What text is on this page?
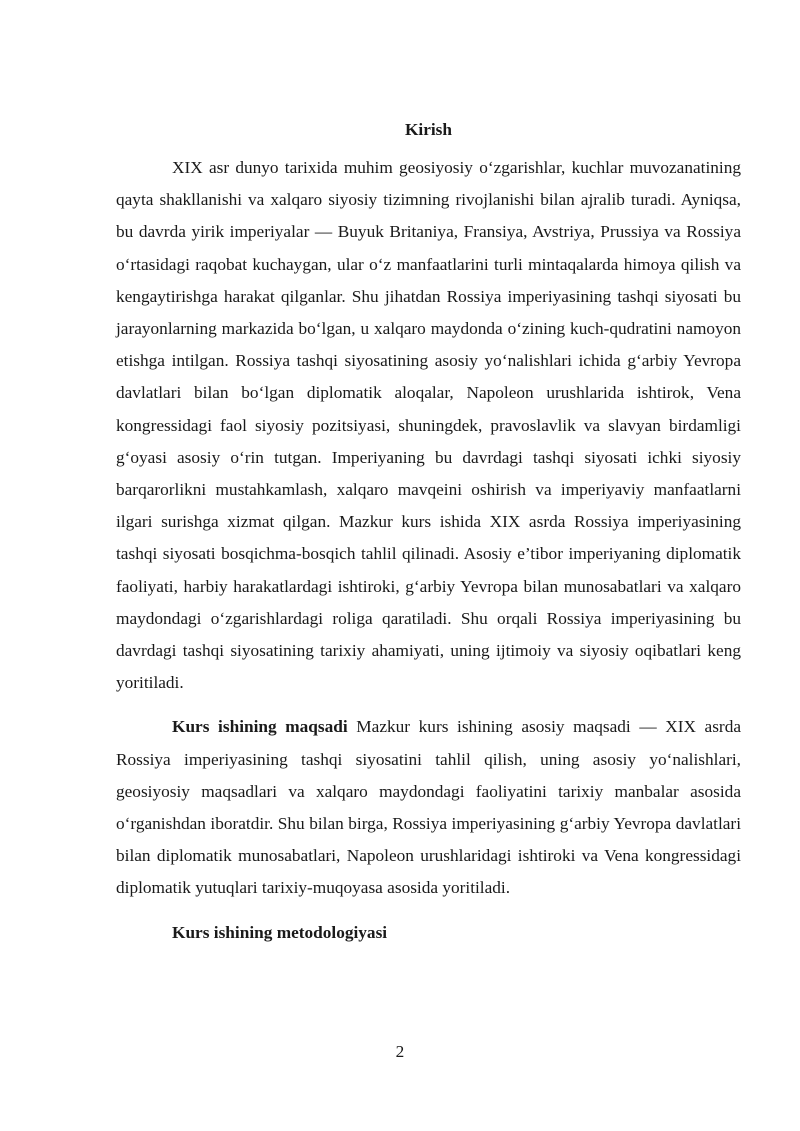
Kirish

XIX asr dunyo tarixida muhim geosiyosiy o‘zgarishlar, kuchlar muvozanatining qayta shakllanishi va xalqaro siyosiy tizimning rivojlanishi bilan ajralib turadi. Ayniqsa, bu davrda yirik imperiyalar — Buyuk Britaniya, Fransiya, Avstriya, Prussiya va Rossiya o‘rtasidagi raqobat kuchaygan, ular o‘z manfaatlarini turli mintaqalarda himoya qilish va kengaytirishga harakat qilganlar. Shu jihatdan Rossiya imperiyasining tashqi siyosati bu jarayonlarning markazida bo‘lgan, u xalqaro maydonda o‘zining kuch-qudratini namoyon etishga intilgan. Rossiya tashqi siyosatining asosiy yo‘nalishlari ichida g‘arbiy Yevropa davlatlari bilan bo‘lgan diplomatik aloqalar, Napoleon urushlarida ishtirok, Vena kongressidagi faol siyosiy pozitsiyasi, shuningdek, pravoslavlik va slavyan birdamligi g‘oyasi asosiy o‘rin tutgan. Imperiyaning bu davrdagi tashqi siyosati ichki siyosiy barqarorlikni mustahkamlash, xalqaro mavqeini oshirish va imperiyaviy manfaatlarni ilgari surishga xizmat qilgan. Mazkur kurs ishida XIX asrda Rossiya imperiyasining tashqi siyosati bosqichma-bosqich tahlil qilinadi. Asosiy e’tibor imperiyaning diplomatik faoliyati, harbiy harakatlardagi ishtiroki, g‘arbiy Yevropa bilan munosabatlari va xalqaro maydondagi o‘zgarishlardagi roliga qaratiladi. Shu orqali Rossiya imperiyasining bu davrdagi tashqi siyosatining tarixiy ahamiyati, uning ijtimoiy va siyosiy oqibatlari keng yoritiladi.

Kurs ishining maqsadi Mazkur kurs ishining asosiy maqsadi — XIX asrda Rossiya imperiyasining tashqi siyosatini tahlil qilish, uning asosiy yo‘nalishlari, geosiyosiy maqsadlari va xalqaro maydondagi faoliyatini tarixiy manbalar asosida o‘rganishdan iboratdir. Shu bilan birga, Rossiya imperiyasining g‘arbiy Yevropa davlatlari bilan diplomatik munosabatlari, Napoleon urushlaridagi ishtiroki va Vena kongressidagi diplomatik yutuqlari tarixiy-muqoyasa asosida yoritiladi.

Kurs ishining metodologiyasi
2
